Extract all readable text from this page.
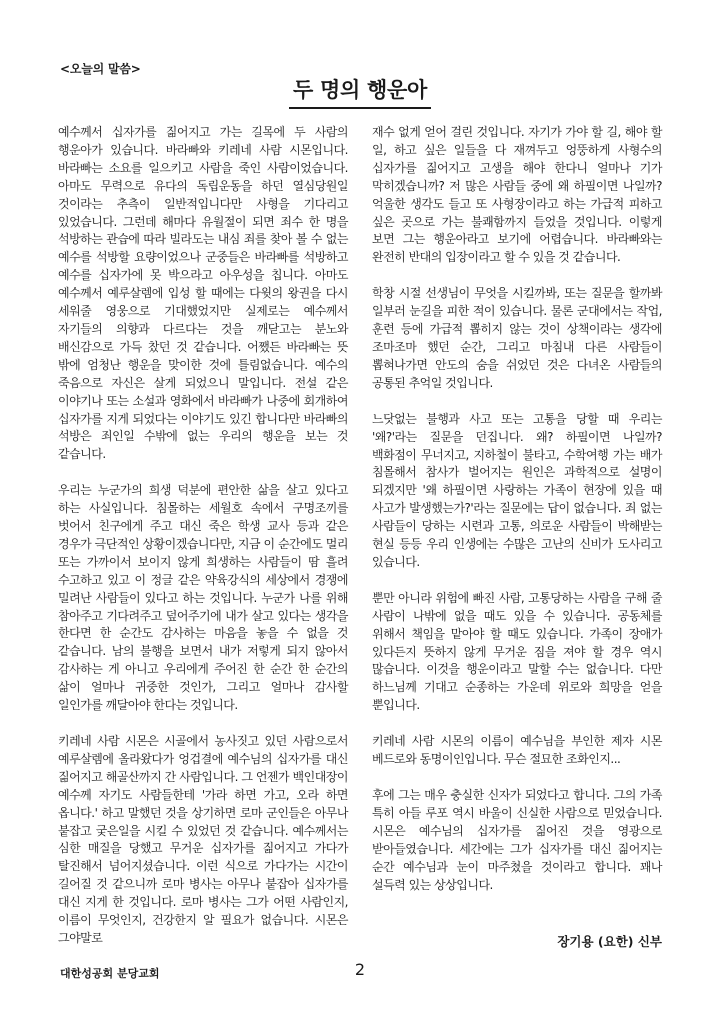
<오늘의 말씀>
두 명의 행운아

예수께서 십자가를 짊어지고 가는 길목에 두 사람의 행운아가 있습니다. 바라빠와 키레네 사람 시몬입니다. 바라빠는 소요를 일으키고 사람을 죽인 사람이었습니다. 아마도 무력으로 유다의 독립운동을 하던 열심당원일 것이라는 추측이 일반적입니다만 사형을 기다리고 있었습니다. 그런데 해마다 유월절이 되면 죄수 한 명을 석방하는 관습에 따라 빌라도는 내심 죄를 찾아 볼 수 없는 예수를 석방할 요량이었으나 군중들은 바라빠를 석방하고 예수를 십자가에 못 박으라고 아우성을 칩니다. 아마도 예수께서 예루살렘에 입성 할 때에는 다윗의 왕권을 다시 세워줄 영웅으로 기대했었지만 실제로는 예수께서 자기들의 의향과 다르다는 것을 깨닫고는 분노와 배신감으로 가득 찼던 것 같습니다. 어쨌든 바라빠는 뜻 밖에 엄청난 행운을 맞이한 것에 틀림없습니다. 예수의 죽음으로 자신은 살게 되었으니 말입니다. 전설 같은 이야기나 또는 소설과 영화에서 바라빠가 나중에 회개하여 십자가를 지게 되었다는 이야기도 있긴 합니다만 바라빠의 석방은 죄인일 수밖에 없는 우리의 행운을 보는 것 같습니다.

우리는 누군가의 희생 덕분에 편안한 삶을 살고 있다고 하는 사실입니다. 침몰하는 세월호 속에서 구명조끼를 벗어서 친구에게 주고 대신 죽은 학생 교사 등과 같은 경우가 극단적인 상황이겠습니다만, 지금 이 순간에도 멀리 또는 가까이서 보이지 않게 희생하는 사람들이 땀 흘려 수고하고 있고 이 정글 같은 약육강식의 세상에서 경쟁에 밀려난 사람들이 있다고 하는 것입니다. 누군가 나를 위해 참아주고 기다려주고 덮어주기에 내가 살고 있다는 생각을 한다면 한 순간도 감사하는 마음을 놓을 수 없을 것 같습니다. 남의 불행을 보면서 내가 저렇게 되지 않아서 감사하는 게 아니고 우리에게 주어진 한 순간 한 순간의 삶이 얼마나 귀중한 것인가, 그리고 얼마나 감사할 일인가를 깨달아야 한다는 것입니다.

키레네 사람 시몬은 시골에서 농사짓고 있던 사람으로서 예루살렘에 올라왔다가 엉겁결에 예수님의 십자가를 대신 짊어지고 해골산까지 간 사람입니다. 그 언젠가 백인대장이 예수께 자기도 사람들한테 '가라 하면 가고, 오라 하면 옵니다.' 하고 말했던 것을 상기하면 로마 군인들은 아무나 붙잡고 궂은일을 시킬 수 있었던 것 같습니다. 예수께서는 심한 매질을 당했고 무거운 십자가를 짊어지고 가다가 탈진해서 넘어지셨습니다. 이런 식으로 가다가는 시간이 길어질 것 같으니까 로마 병사는 아무나 붙잡아 십자가를 대신 지게 한 것입니다. 로마 병사는 그가 어떤 사람인지, 이름이 무엇인지, 건강한지 알 필요가 없습니다. 시몬은 그야말로

재수 없게 얻어 걸린 것입니다. 자기가 가야 할 길, 해야 할 일, 하고 싶은 일들을 다 재껴두고 엉뚱하게 사형수의 십자가를 짊어지고 고생을 해야 한다니 얼마나 기가 막히겠습니까? 저 많은 사람들 중에 왜 하필이면 나일까? 억울한 생각도 들고 또 사형장이라고 하는 가급적 피하고 싶은 곳으로 가는 불쾌함까지 들었을 것입니다. 이렇게 보면 그는 행운아라고 보기에 어렵습니다. 바라빠와는 완전히 반대의 입장이라고 할 수 있을 것 같습니다.

학창 시절 선생님이 무엇을 시킬까봐, 또는 질문을 할까봐 일부러 눈길을 피한 적이 있습니다. 물론 군대에서는 작업, 훈련 등에 가급적 뽑히지 않는 것이 상책이라는 생각에 조마조마 했던 순간, 그리고 마침내 다른 사람들이 뽑혀나가면 안도의 숨을 쉬었던 것은 다녀온 사람들의 공통된 추억일 것입니다.

느닷없는 불행과 사고 또는 고통을 당할 때 우리는 '왜?'라는 질문을 던집니다. 왜? 하필이면 나일까? 백화점이 무너지고, 지하철이 불타고, 수학여행 가는 배가 침몰해서 참사가 벌어지는 원인은 과학적으로 설명이 되겠지만 '왜 하필이면 사랑하는 가족이 현장에 있을 때 사고가 발생했는가?'라는 질문에는 답이 없습니다. 죄 없는 사람들이 당하는 시련과 고통, 의로운 사람들이 박해받는 현실 등등 우리 인생에는 수많은 고난의 신비가 도사리고 있습니다.

뿐만 아니라 위험에 빠진 사람, 고통당하는 사람을 구해 줄 사람이 나밖에 없을 때도 있을 수 있습니다. 공동체를 위해서 책임을 맡아야 할 때도 있습니다. 가족이 장애가 있다든지 뜻하지 않게 무거운 짐을 져야 할 경우 역시 많습니다. 이것을 행운이라고 말할 수는 없습니다. 다만 하느님께 기대고 순종하는 가운데 위로와 희망을 얻을 뿐입니다.

키레네 사람 시몬의 이름이 예수님을 부인한 제자 시몬 베드로와 동명이인입니다. 무슨 절묘한 조화인지...

후에 그는 매우 충실한 신자가 되었다고 합니다. 그의 가족 특히 아들 루포 역시 바울이 신실한 사람으로 믿었습니다. 시몬은 예수님의 십자가를 짊어진 것을 영광으로 받아들였습니다. 세간에는 그가 십자가를 대신 짊어지는 순간 예수님과 눈이 마주쳤을 것이라고 합니다. 꽤나 설득력 있는 상상입니다.

장기용 (요한) 신부
대한성공회 분당교회	2
